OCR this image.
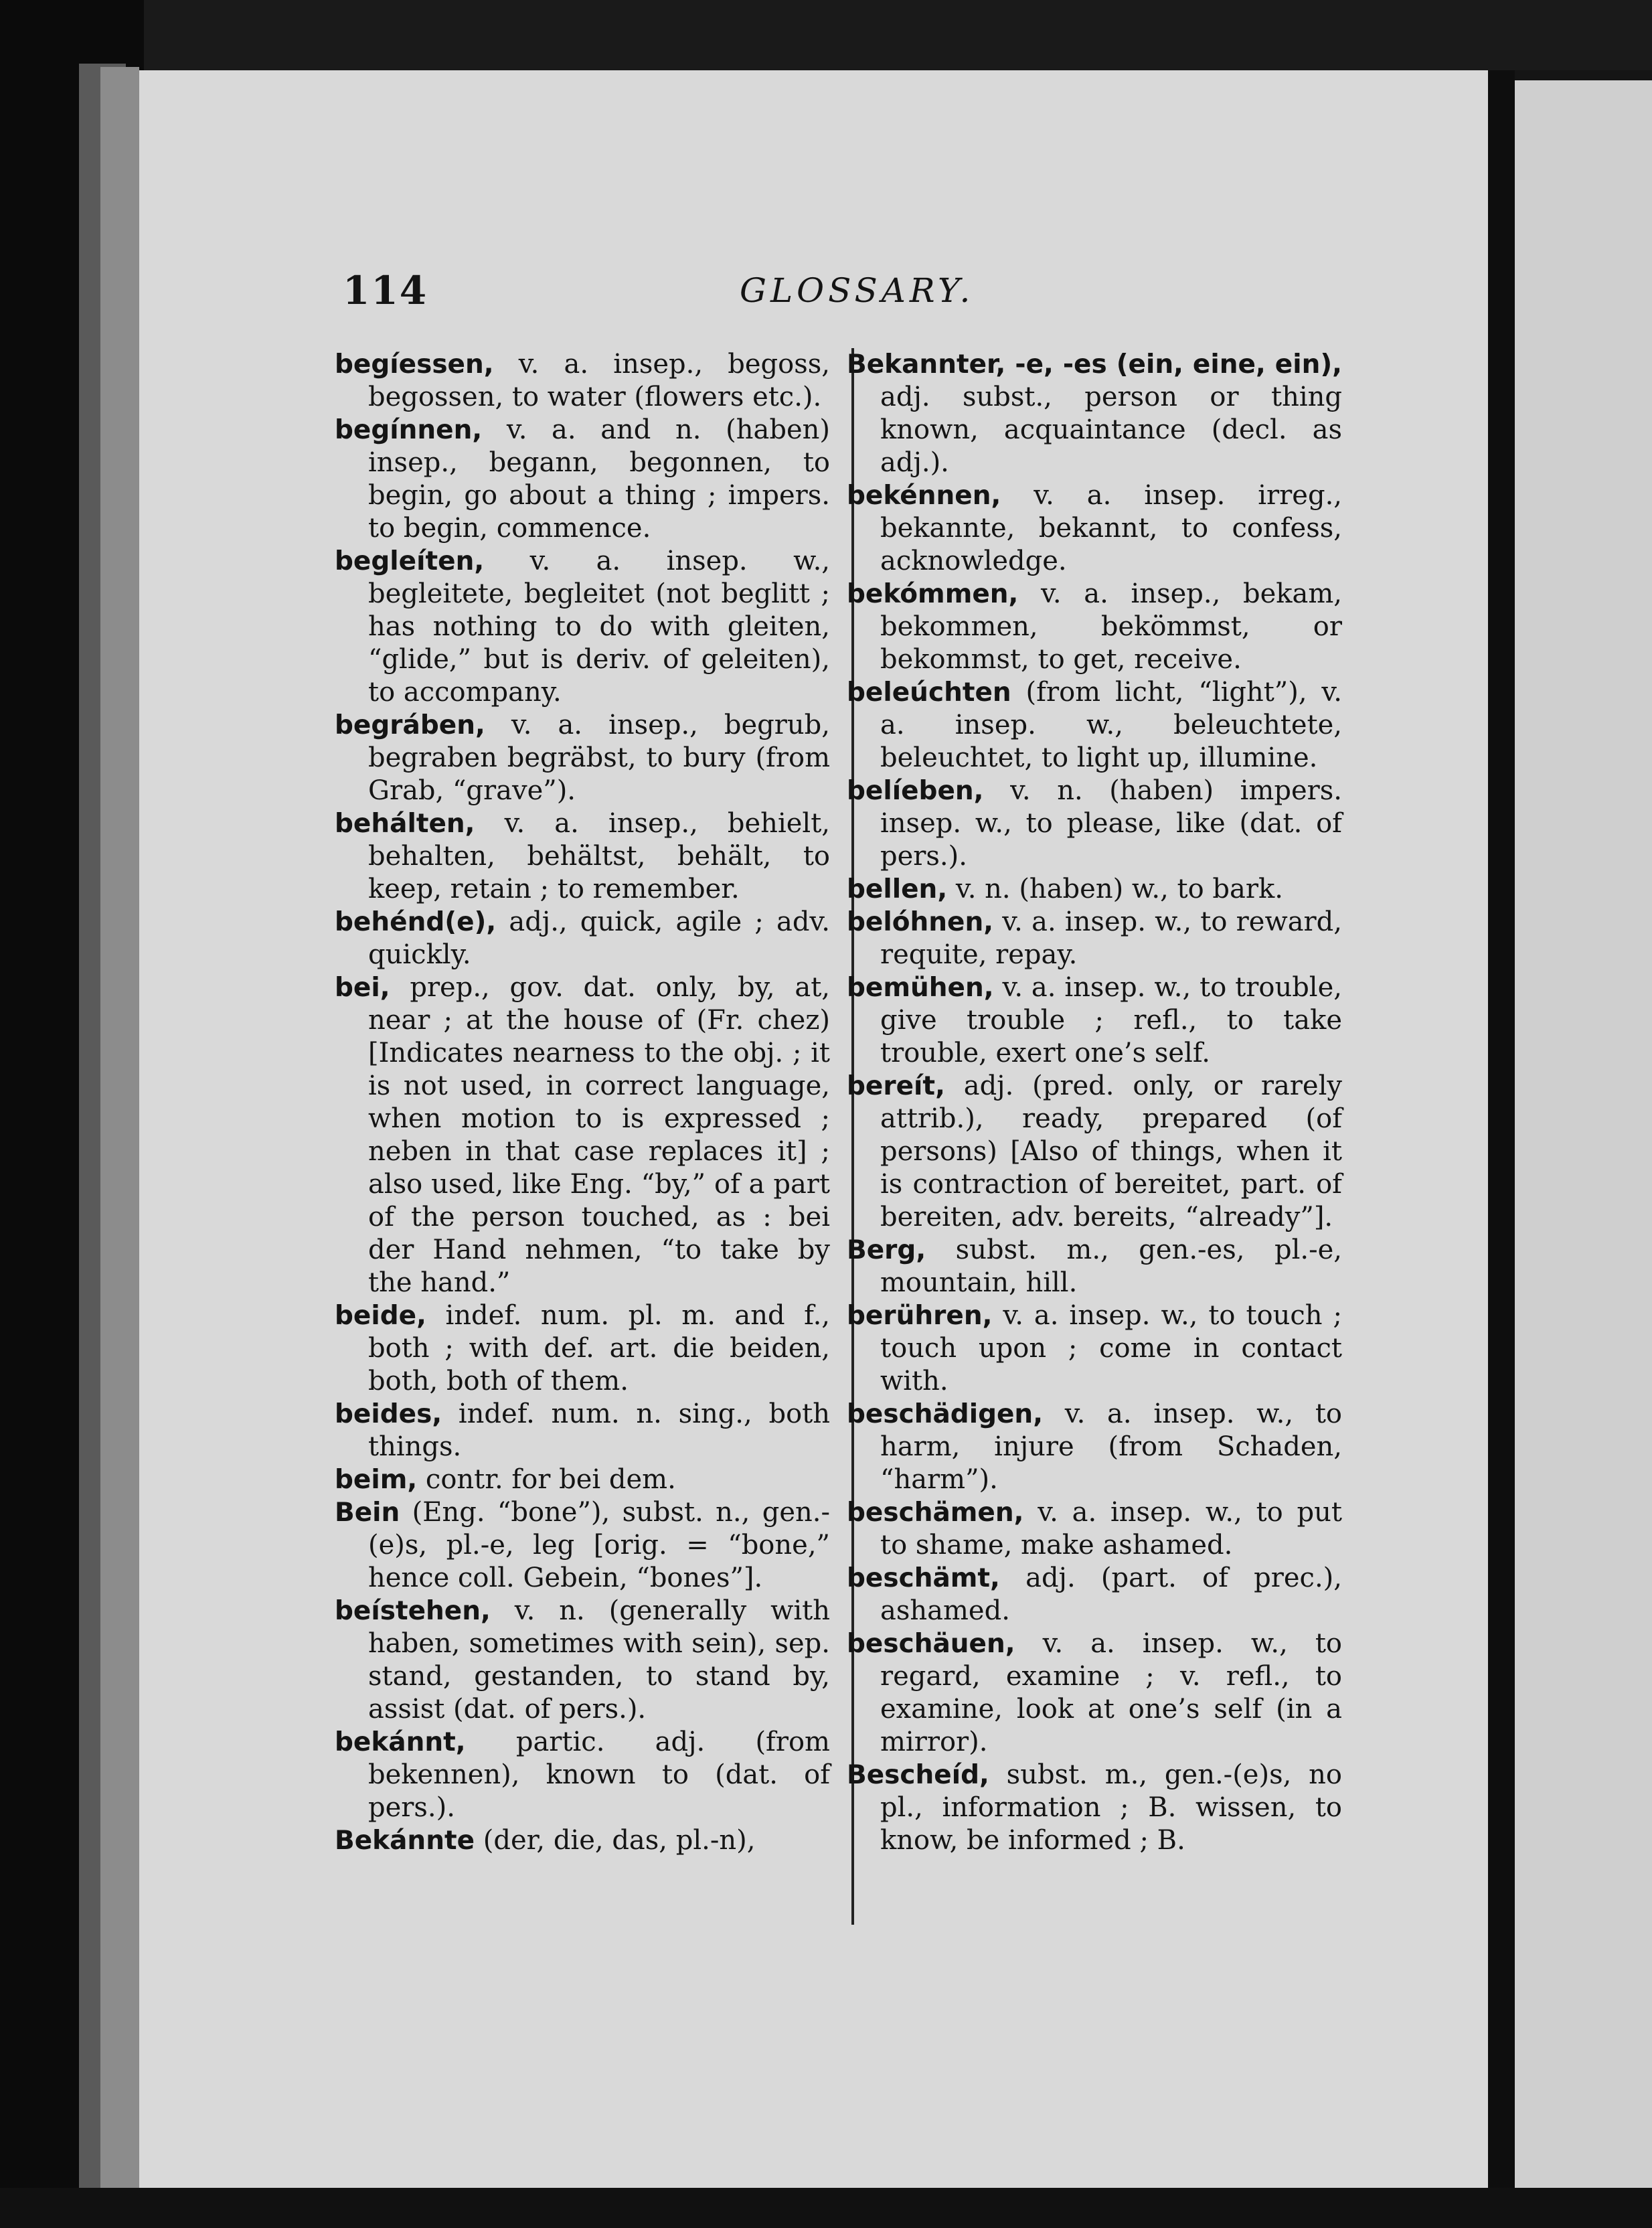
114	GLOSSARY.

begíessen, v. a. insep., begoss, begossen, to water (flowers etc.).

begínnen, v. a. and n. (haben) insep., begann, begonnen, to begin, go about a thing ; impers. to begin, commence.

begleíten, v. a. insep. w., begleitete, begleitet (not beglitt ; has nothing to do with gleiten, “glide,” but is deriv. of geleiten), to accompany.

begráben, v. a. insep., begrub, begraben begräbst, to bury (from Grab, “grave”).

behálten, v. a. insep., behielt, behalten, behältst, behält, to keep, retain ; to remember.

behénd(e), adj., quick, agile ; adv. quickly.

bei, prep., gov. dat. only, by, at, near ; at the house of (Fr. chez) [Indicates nearness to the obj. ; it is not used, in correct language, when motion to is expressed ; neben in that case replaces it] ; also used, like Eng. “by,” of a part of the person touched, as : bei der Hand nehmen, “to take by the hand.”

beide, indef. num. pl. m. and f., both ; with def. art. die beiden, both, both of them.

beides, indef. num. n. sing., both things.

beim, contr. for bei dem.

Bein (Eng. “bone”), subst. n., gen.-(e)s, pl.-e, leg [orig. = “bone,” hence coll. Gebein, “bones”].

beístehen, v. n. (generally with haben, sometimes with sein), sep. stand, gestanden, to stand by, assist (dat. of pers.).

bekánnt, partic. adj. (from bekennen), known to (dat. of pers.).

Bekánnte (der, die, das, pl.-n),

Bekannter, -e, -es (ein, eine, ein), adj. subst., person or thing known, acquaintance (decl. as adj.).

bekénnen, v. a. insep. irreg., bekannte, bekannt, to confess, acknowledge.

bekómmen, v. a. insep., bekam, bekommen, bekömmst, or bekommst, to get, receive.

beleúchten (from licht, “light”), v. a. insep. w., beleuchtete, beleuchtet, to light up, illumine.

belíeben, v. n. (haben) impers. insep. w., to please, like (dat. of pers.).

bellen, v. n. (haben) w., to bark.

belóhnen, v. a. insep. w., to reward, requite, repay.

bemühen, v. a. insep. w., to trouble, give trouble ; refl., to take trouble, exert one’s self.

bereít, adj. (pred. only, or rarely attrib.), ready, prepared (of persons) [Also of things, when it is contraction of bereitet, part. of bereiten, adv. bereits, “already”].

Berg, subst. m., gen.-es, pl.-e, mountain, hill.

berühren, v. a. insep. w., to touch ; touch upon ; come in contact with.

beschädigen, v. a. insep. w., to harm, injure (from Schaden, “harm”).

beschämen, v. a. insep. w., to put to shame, make ashamed.

beschämt, adj. (part. of prec.), ashamed.

beschäuen, v. a. insep. w., to regard, examine ; v. refl., to examine, look at one’s self (in a mirror).

Bescheíd, subst. m., gen.-(e)s, no pl., information ; B. wissen, to know, be informed ; B.
